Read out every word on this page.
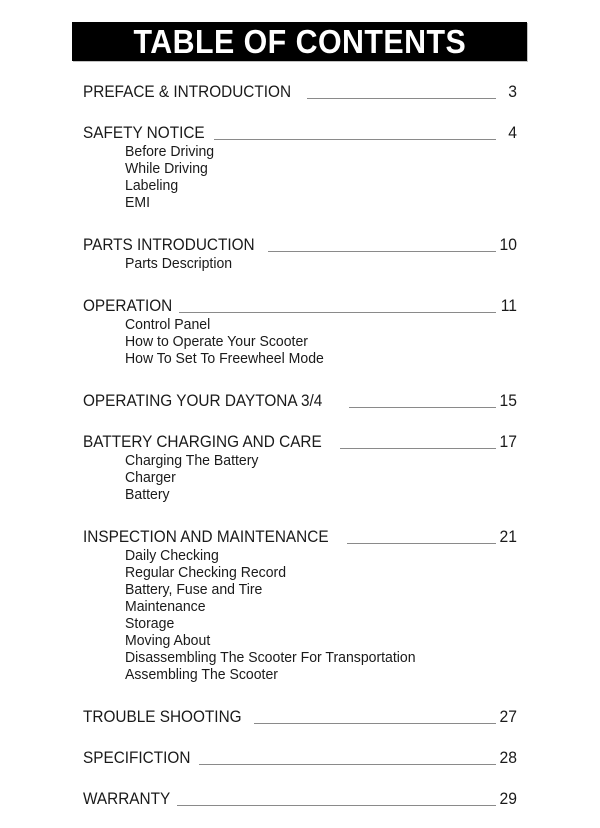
TABLE OF CONTENTS
PREFACE & INTRODUCTION	3
SAFETY NOTICE	4
Before Driving
While Driving
Labeling
EMI
PARTS INTRODUCTION	10
Parts Description
OPERATION	11
Control Panel
How to Operate Your Scooter
How To Set To Freewheel Mode
OPERATING YOUR DAYTONA 3/4	15
BATTERY CHARGING AND CARE	17
Charging The Battery
Charger
Battery
INSPECTION AND MAINTENANCE	21
Daily Checking
Regular Checking Record
Battery, Fuse and Tire
Maintenance
Storage
Moving About
Disassembling The Scooter For Transportation
Assembling The Scooter
TROUBLE SHOOTING	27
SPECIFICTION	28
WARRANTY	29
